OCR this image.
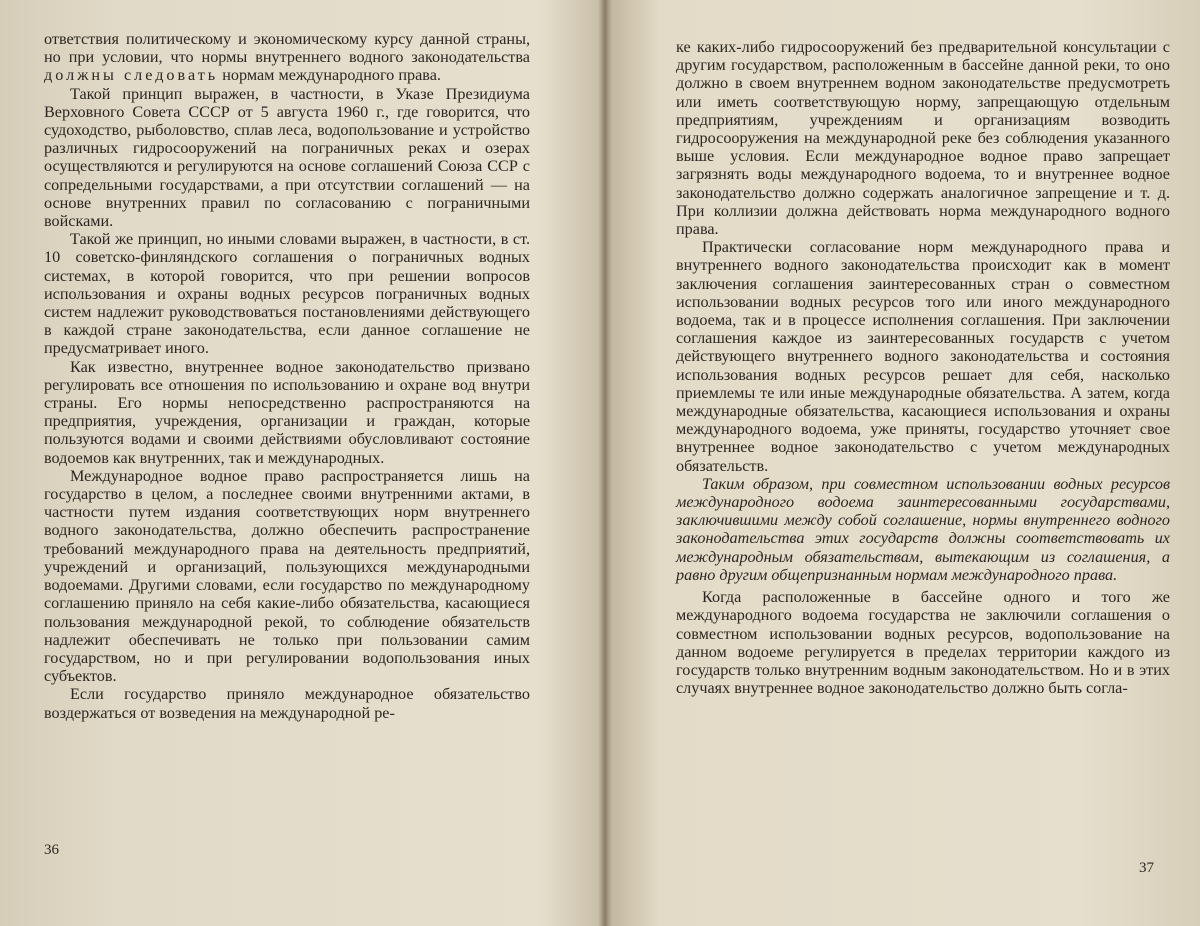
ответствия политическому и экономическому курсу данной страны, но при условии, что нормы внутреннего водного законодательства должны следовать нормам международного права.

Такой принцип выражен, в частности, в Указе Президиума Верховного Совета СССР от 5 августа 1960 г., где говорится, что судоходство, рыболовство, сплав леса, водопользование и устройство различных гидросооружений на пограничных реках и озерах осуществляются и регулируются на основе соглашений Союза ССР с сопредельными государствами, а при отсутствии соглашений — на основе внутренних правил по согласованию с пограничными войсками.

Такой же принцип, но иными словами выражен, в частности, в ст. 10 советско-финляндского соглашения о пограничных водных системах, в которой говорится, что при решении вопросов использования и охраны водных ресурсов пограничных водных систем надлежит руководствоваться постановлениями действующего в каждой стране законодательства, если данное соглашение не предусматривает иного.

Как известно, внутреннее водное законодательство призвано регулировать все отношения по использованию и охране вод внутри страны. Его нормы непосредственно распространяются на предприятия, учреждения, организации и граждан, которые пользуются водами и своими действиями обусловливают состояние водоемов как внутренних, так и международных.

Международное водное право распространяется лишь на государство в целом, а последнее своими внутренними актами, в частности путем издания соответствующих норм внутреннего водного законодательства, должно обеспечить распространение требований международного права на деятельность предприятий, учреждений и организаций, пользующихся международными водоемами. Другими словами, если государство по международному соглашению приняло на себя какие-либо обязательства, касающиеся пользования международной рекой, то соблюдение обязательств надлежит обеспечивать не только при пользовании самим государством, но и при регулировании водопользования иных субъектов.

Если государство приняло международное обязательство воздержаться от возведения на международной ре-

36

ке каких-либо гидросооружений без предварительной консультации с другим государством, расположенным в бассейне данной реки, то оно должно в своем внутреннем водном законодательстве предусмотреть или иметь соответствующую норму, запрещающую отдельным предприятиям, учреждениям и организациям возводить гидросооружения на международной реке без соблюдения указанного выше условия. Если международное водное право запрещает загрязнять воды международного водоема, то и внутреннее водное законодательство должно содержать аналогичное запрещение и т. д. При коллизии должна действовать норма международного водного права.

Практически согласование норм международного права и внутреннего водного законодательства происходит как в момент заключения соглашения заинтересованных стран о совместном использовании водных ресурсов того или иного международного водоема, так и в процессе исполнения соглашения. При заключении соглашения каждое из заинтересованных государств с учетом действующего внутреннего водного законодательства и состояния использования водных ресурсов решает для себя, насколько приемлемы те или иные международные обязательства. А затем, когда международные обязательства, касающиеся использования и охраны международного водоема, уже приняты, государство уточняет свое внутреннее водное законодательство с учетом международных обязательств.

Таким образом, при совместном использовании водных ресурсов международного водоема заинтересованными государствами, заключившими между собой соглашение, нормы внутреннего водного законодательства этих государств должны соответствовать их международным обязательствам, вытекающим из соглашения, а равно другим общепризнанным нормам международного права.

Когда расположенные в бассейне одного и того же международного водоема государства не заключили соглашения о совместном использовании водных ресурсов, водопользование на данном водоеме регулируется в пределах территории каждого из государств только внутренним водным законодательством. Но и в этих случаях внутреннее водное законодательство должно быть согла-

37
